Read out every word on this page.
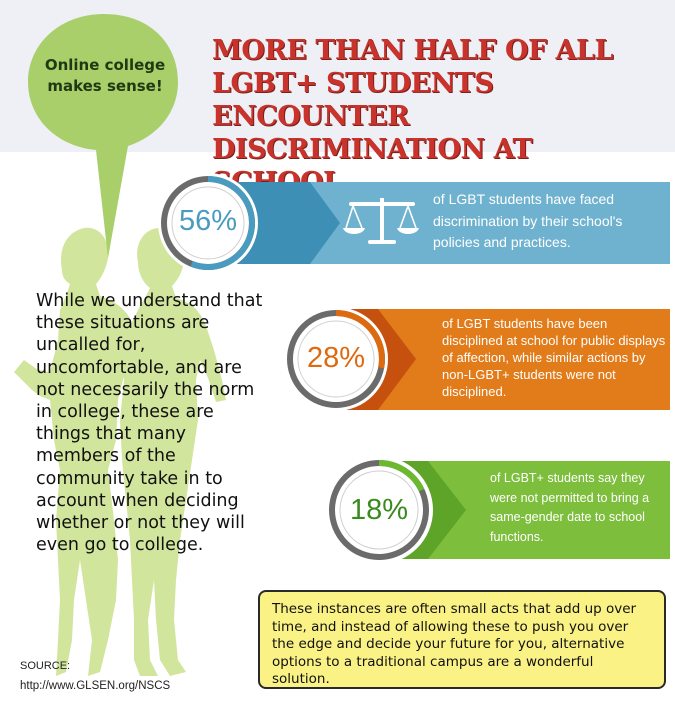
Online college
makes sense!
MORE THAN HALF OF ALL
LGBT+ STUDENTS ENCOUNTER
DISCRIMINATION AT
56%
of LGBT students have faced discrimination by their school's policies and practices.
28%
of LGBT students have been disciplined at school for public displays of affection, while similar actions by non-LGBT+ students were not disciplined.
18%
of LGBT+ students say they were not permitted to bring a same-gender date to school functions.

While we understand that these situations are uncalled for, uncomfortable, and are not necessarily the norm in college, these are things that many members of the community take in to account when deciding whether or not they will even go to college.

These instances are often small acts that add up over time, and instead of allowing these to push you over the edge and decide your future for you, alternative options to a traditional campus are a wonderful solution.
SOURCE:
http://www.GLSEN.org/NSCS
